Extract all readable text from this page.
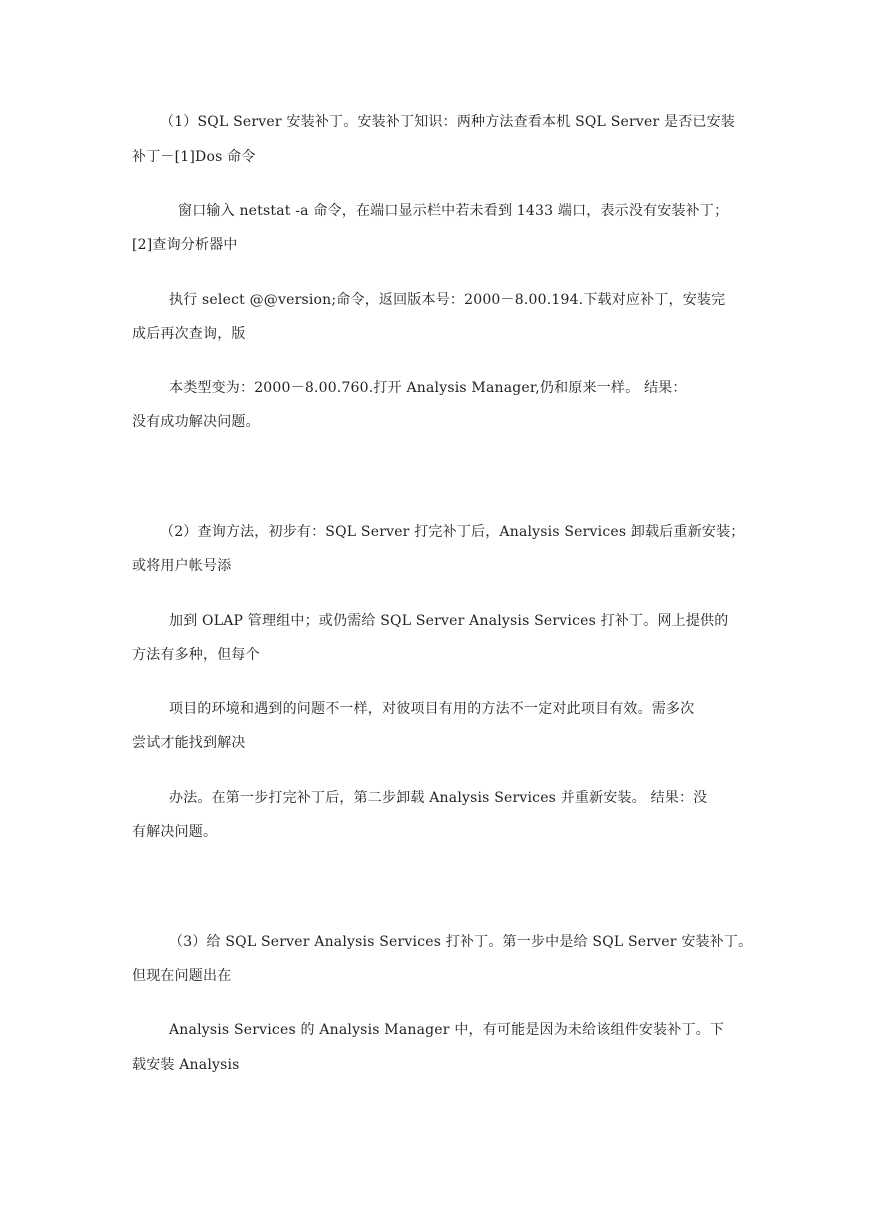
（1）SQL Server 安装补丁。安装补丁知识：两种方法查看本机 SQL Server 是否已安装
补丁－[1]Dos 命令
窗口输入 netstat -a 命令，在端口显示栏中若未看到 1433 端口，表示没有安装补丁；
[2]查询分析器中
执行 select @@version;命令，返回版本号：2000－8.00.194.下载对应补丁，安装完
成后再次查询，版
本类型变为：2000－8.00.760.打开 Analysis Manager,仍和原来一样。 结果：
没有成功解决问题。
（2）查询方法，初步有：SQL Server 打完补丁后，Analysis Services 卸载后重新安装；
或将用户帐号添
加到 OLAP 管理组中；或仍需给 SQL Server Analysis Services 打补丁。网上提供的
方法有多种，但每个
项目的环境和遇到的问题不一样，对彼项目有用的方法不一定对此项目有效。需多次
尝试才能找到解决
办法。在第一步打完补丁后，第二步卸载 Analysis Services 并重新安装。 结果：没
有解决问题。
（3）给 SQL Server Analysis Services 打补丁。第一步中是给 SQL Server 安装补丁。
但现在问题出在
Analysis Services 的 Analysis Manager 中，有可能是因为未给该组件安装补丁。下
载安装 Analysis
